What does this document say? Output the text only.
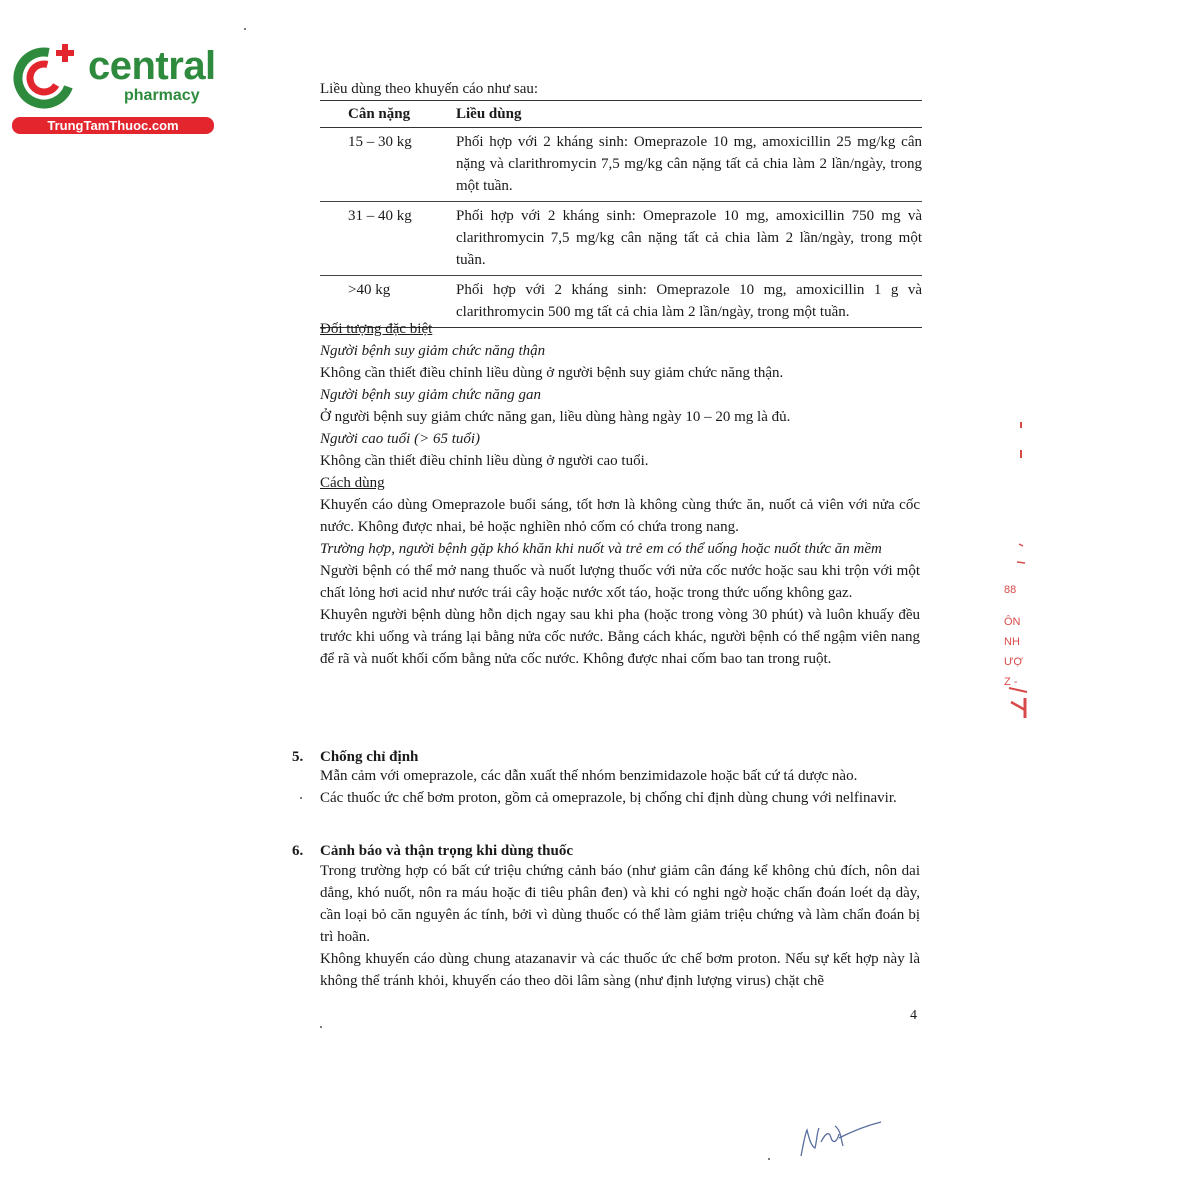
central
pharmacy
TrungTamThuoc.com
Liều dùng theo khuyến cáo như sau:
Cân nặng	Liều dùng
15 – 30 kg	Phối hợp với 2 kháng sinh: Omeprazole 10 mg, amoxicillin 25 mg/kg cân nặng và clarithromycin 7,5 mg/kg cân nặng tất cả chia làm 2 lần/ngày, trong một tuần.
31 – 40 kg	Phối hợp với 2 kháng sinh: Omeprazole 10 mg, amoxicillin 750 mg và clarithromycin 7,5 mg/kg cân nặng tất cả chia làm 2 lần/ngày, trong một tuần.
>40 kg	Phối hợp với 2 kháng sinh: Omeprazole 10 mg, amoxicillin 1 g và clarithromycin 500 mg tất cả chia làm 2 lần/ngày, trong một tuần.
Đối tượng đặc biệt
Người bệnh suy giảm chức năng thận
Không cần thiết điều chỉnh liều dùng ở người bệnh suy giảm chức năng thận.
Người bệnh suy giảm chức năng gan
Ở người bệnh suy giảm chức năng gan, liều dùng hàng ngày 10 – 20 mg là đủ.
Người cao tuổi (> 65 tuổi)
Không cần thiết điều chỉnh liều dùng ở người cao tuổi.
Cách dùng

Khuyến cáo dùng Omeprazole buổi sáng, tốt hơn là không cùng thức ăn, nuốt cả viên với nửa cốc nước. Không được nhai, bẻ hoặc nghiền nhỏ cốm có chứa trong nang.

Trường hợp, người bệnh gặp khó khăn khi nuốt và trẻ em có thể uống hoặc nuốt thức ăn mềm

Người bệnh có thể mở nang thuốc và nuốt lượng thuốc với nửa cốc nước hoặc sau khi trộn với một chất lỏng hơi acid như nước trái cây hoặc nước xốt táo, hoặc trong thức uống không gaz.

Khuyên người bệnh dùng hỗn dịch ngay sau khi pha (hoặc trong vòng 30 phút) và luôn khuấy đều trước khi uống và tráng lại bằng nửa cốc nước. Bằng cách khác, người bệnh có thể ngậm viên nang để rã và nuốt khối cốm bằng nửa cốc nước. Không được nhai cốm bao tan trong ruột.

5. Chống chỉ định

Mẫn cảm với omeprazole, các dẫn xuất thế nhóm benzimidazole hoặc bất cứ tá dược nào.

Các thuốc ức chế bơm proton, gồm cả omeprazole, bị chống chỉ định dùng chung với nelfinavir.

6. Cảnh báo và thận trọng khi dùng thuốc

Trong trường hợp có bất cứ triệu chứng cảnh báo (như giảm cân đáng kể không chủ đích, nôn dai dẳng, khó nuốt, nôn ra máu hoặc đi tiêu phân đen) và khi có nghi ngờ hoặc chẩn đoán loét dạ dày, cần loại bỏ căn nguyên ác tính, bởi vì dùng thuốc có thể làm giảm triệu chứng và làm chẩn đoán bị trì hoãn.

Không khuyến cáo dùng chung atazanavir và các thuốc ức chế bơm proton. Nếu sự kết hợp này là không thể tránh khỏi, khuyến cáo theo dõi lâm sàng (như định lượng virus) chặt chẽ

4
88
ÔN
NH
ƯỢ
Z -
